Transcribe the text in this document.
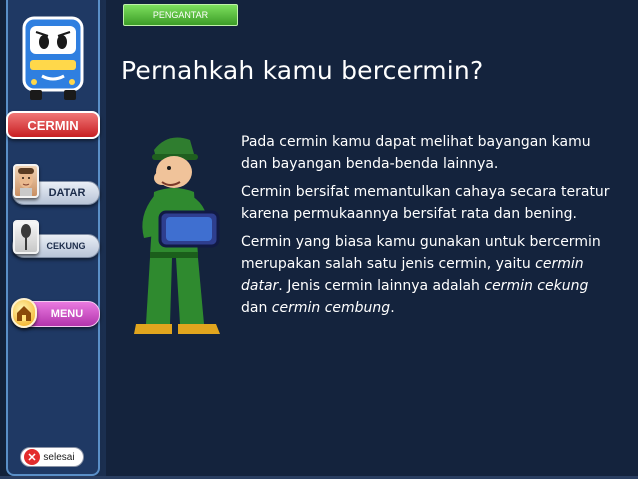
CERMIN
DATAR
CEKUNG
MENU
selesai
✕
PENGANTAR
Pernahkah kamu bercermin?

Pada cermin kamu dapat melihat bayangan kamu dan bayangan benda-benda lainnya.

Cermin bersifat memantulkan cahaya secara teratur karena permukaannya bersifat rata dan bening.

Cermin yang biasa kamu gunakan untuk bercermin merupakan salah satu jenis cermin, yaitu cermin datar. Jenis cermin lainnya adalah cermin cekung dan cermin cembung.
